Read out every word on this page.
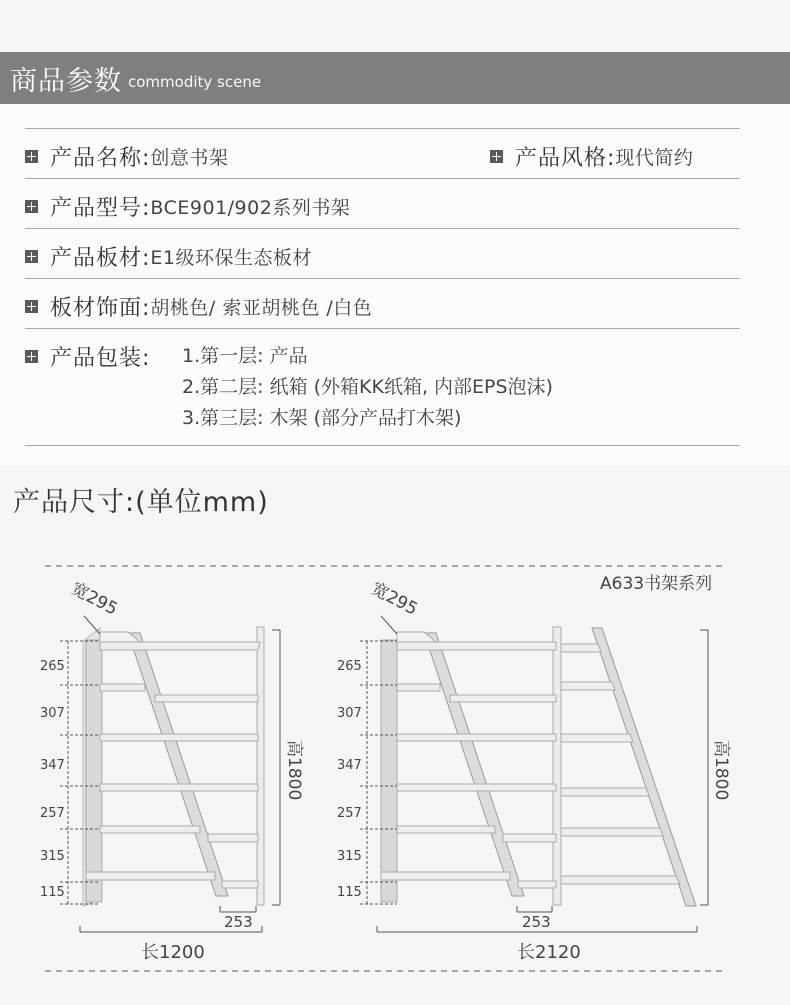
商品参数 commodity scene
产品名称: 创意书架	产品风格: 现代简约
产品型号: BCE901/902系列书架
产品板材: E1级环保生态板材
板材饰面: 胡桃色/ 索亚胡桃色 /白色
产品包装: 1.第一层: 产品
2.第二层: 纸箱 (外箱KK纸箱, 内部EPS泡沫)
3.第三层: 木架 (部分产品打木架)
产品尺寸:(单位mm)
A633书架系列
265
307
347
257
315
115
宽295
高1800
253
长1200
265
307
347
257
315
115
宽295
高1800
253
长2120
